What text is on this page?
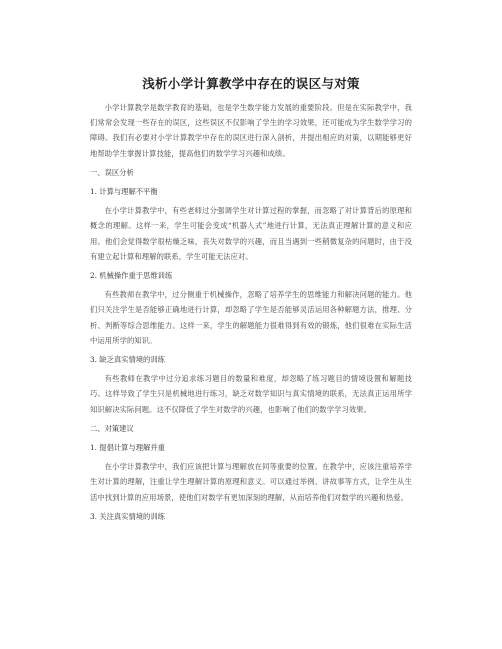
浅析小学计算教学中存在的误区与对策

小学计算教学是数学教育的基础，也是学生数学能力发展的重要阶段。但是在实际教学中，我们常常会发现一些存在的误区，这些误区不仅影响了学生的学习效果，还可能成为学生数学学习的障碍。我们有必要对小学计算教学中存在的误区进行深入剖析，并提出相应的对策，以期能够更好地帮助学生掌握计算技能，提高他们的数学学习兴趣和成绩。

一、误区分析
1. 计算与理解不平衡

在小学计算教学中，有些老师过分强调学生对计算过程的掌握，而忽略了对计算背后的原理和概念的理解。这样一来，学生可能会变成“机器人式”地进行计算，无法真正理解计算的意义和应用。他们会觉得数学很枯燥乏味，丧失对数学的兴趣，而且当遇到一些稍微复杂的问题时，由于没有建立起计算和理解的联系，学生可能无法应对。

2. 机械操作重于思维训练

有些教师在教学中，过分侧重于机械操作，忽略了培养学生的思维能力和解决问题的能力。他们只关注学生是否能够正确地进行计算，却忽略了学生是否能够灵活运用各种解题方法，推理、分析、判断等综合思维能力。这样一来，学生的解题能力很难得到有效的锻炼，他们很难在实际生活中运用所学的知识。

3. 缺乏真实情境的训练

有些教师在教学中过分追求练习题目的数量和难度，却忽略了练习题目的情境设置和解题技巧。这样导致了学生只是机械地进行练习，缺乏对数学知识与真实情境的联系，无法真正运用所学知识解决实际问题。这不仅降低了学生对数学的兴趣，也影响了他们的数学学习效果。

二、对策建议
1. 提倡计算与理解并重

在小学计算教学中，我们应该把计算与理解放在同等重要的位置。在教学中，应该注重培养学生对计算的理解，注重让学生理解计算的原理和意义。可以通过举例、讲故事等方式，让学生从生活中找到计算的应用场景，使他们对数学有更加深刻的理解，从而培养他们对数学的兴趣和热爱。

3. 关注真实情境的训练
